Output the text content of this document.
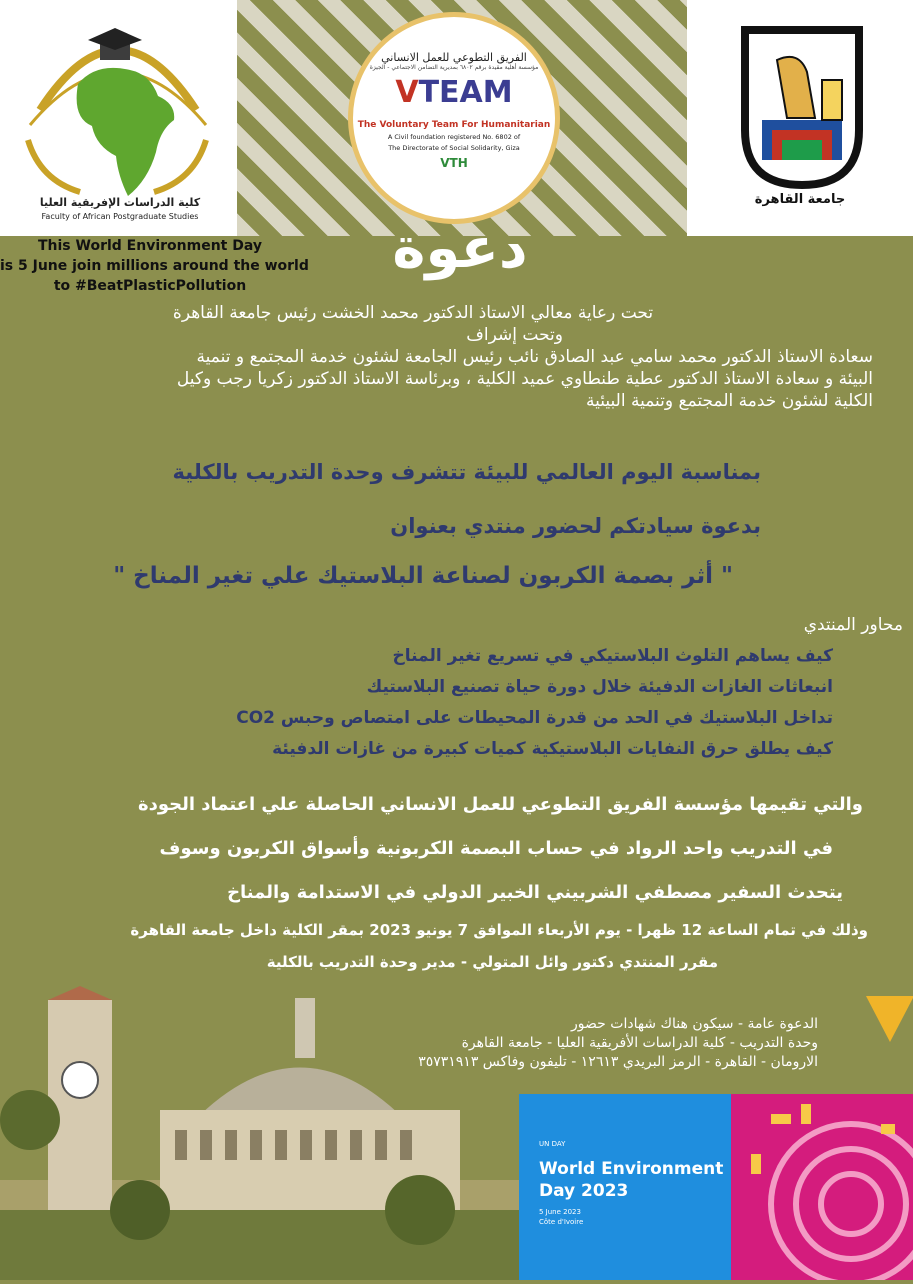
كلية الدراسات الإفريقية العليا
Faculty of African Postgraduate Studies
الفريق التطوعي للعمل الانساني
مؤسسة أهلية مقيدة برقم ٦٨٠٢ بمديرية التضامن الاجتماعي - الجيزة
VTEAM
The Voluntary Team For Humanitarian
A Civil foundation registered No. 6802 of
The Directorate of Social Solidarity, Giza
VTH
جامعة القاهرة
This World Environment Day
is 5 June join millions around the world
to #BeatPlasticPollution
دعوة
تحت رعاية معالي الاستاذ الدكتور محمد الخشت رئيس جامعة القاهرة
وتحت إشراف
سعادة الاستاذ الدكتور محمد سامي عبد الصادق نائب رئيس الجامعة لشئون خدمة المجتمع و تنمية
البيئة و سعادة الاستاذ الدكتور عطية طنطاوي عميد الكلية ، وبرئاسة الاستاذ الدكتور زكريا رجب وكيل
الكلية لشئون خدمة المجتمع وتنمية البيئية
بمناسبة اليوم العالمي للبيئة تتشرف وحدة التدريب بالكلية
بدعوة سيادتكم لحضور منتدي بعنوان
" أثر بصمة الكربون لصناعة البلاستيك علي تغير المناخ "
محاور المنتدي
كيف يساهم التلوث البلاستيكي في تسريع تغير المناخ
انبعاثات الغازات الدفيئة خلال دورة حياة تصنيع البلاستيك
تداخل البلاستيك في الحد من قدرة المحيطات على امتصاص وحبس CO2
كيف يطلق حرق النفايات البلاستيكية كميات كبيرة من غازات الدفيئة
والتي تقيمها مؤسسة الفريق التطوعي للعمل الانساني الحاصلة علي اعتماد الجودة
في التدريب واحد الرواد في حساب البصمة الكربونية وأسواق الكربون وسوف
يتحدث السفير مصطفي الشربيني الخبير الدولي في الاستدامة والمناخ
وذلك في تمام الساعة 12 ظهرا - يوم الأربعاء الموافق 7 يونيو 2023 بمقر الكلية داخل جامعة القاهرة
مقرر المنتدي دكتور وائل المتولي - مدير وحدة التدريب بالكلية
الدعوة عامة - سيكون هناك شهادات حضور
وحدة التدريب - كلية الدراسات الأفريقية العليا - جامعة القاهرة
الارومان - القاهرة - الرمز البريدي ١٢٦١٣ - تليفون وفاكس ٣٥٧٣١٩١٣
UN DAY
World Environment
Day 2023
5 June 2023
Côte d'Ivoire
